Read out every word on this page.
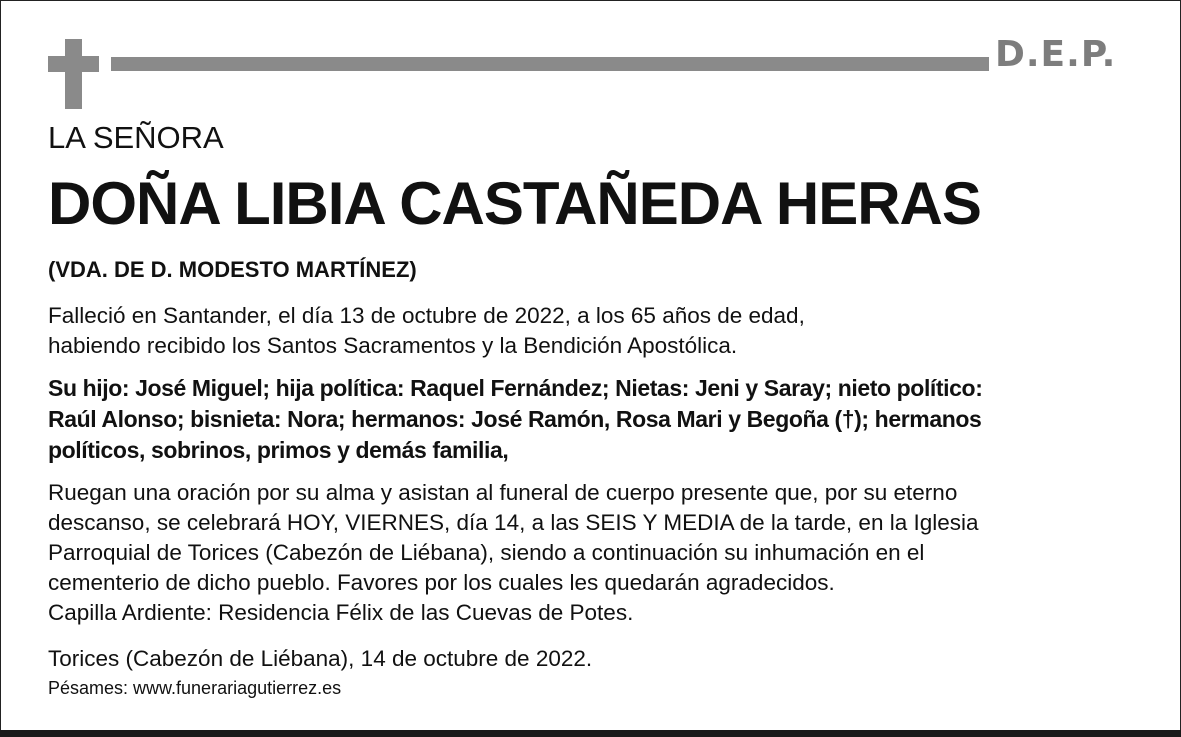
D.E.P.
LA SEÑORA
DOÑA LIBIA CASTAÑEDA HERAS
(VDA. DE D. MODESTO MARTÍNEZ)
Falleció en Santander, el día 13 de octubre de 2022, a los 65 años de edad,
habiendo recibido los Santos Sacramentos y la Bendición Apostólica.
Su hijo: José Miguel; hija política: Raquel Fernández; Nietas: Jeni y Saray; nieto político:
Raúl Alonso; bisnieta: Nora; hermanos: José Ramón, Rosa Mari y Begoña (†); hermanos
políticos, sobrinos, primos y demás familia,
Ruegan una oración por su alma y asistan al funeral de cuerpo presente que, por su eterno
descanso, se celebrará HOY, VIERNES, día 14, a las SEIS Y MEDIA de la tarde, en la Iglesia
Parroquial de Torices (Cabezón de Liébana), siendo a continuación su inhumación en el
cementerio de dicho pueblo. Favores por los cuales les quedarán agradecidos.
Capilla Ardiente: Residencia Félix de las Cuevas de Potes.
Torices (Cabezón de Liébana), 14 de octubre de 2022.
Pésames: www.funerariagutierrez.es
